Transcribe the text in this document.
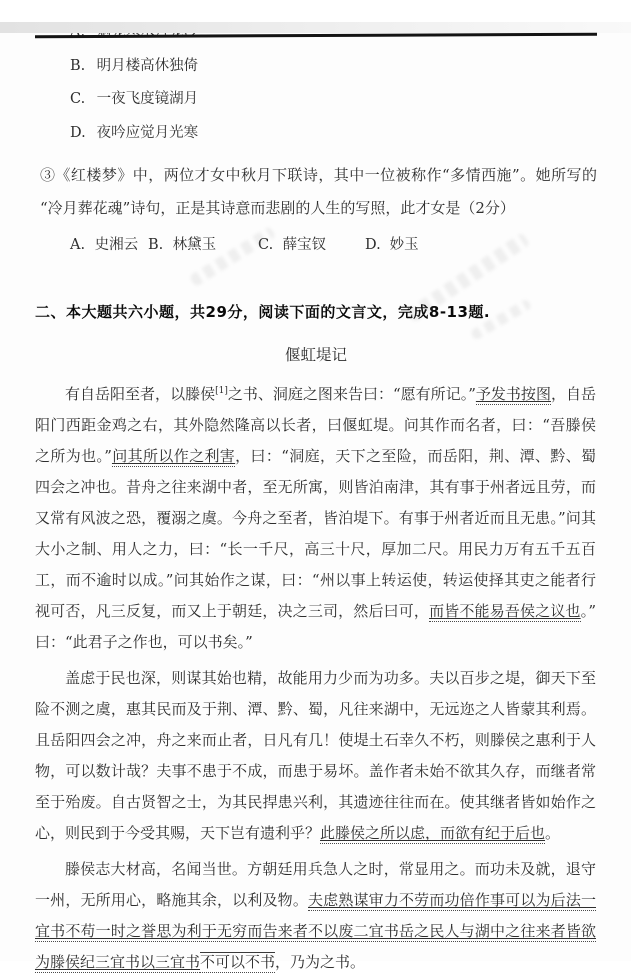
B. 明月楼高休独倚
C. 一夜飞度镜湖月
D. 夜吟应觉月光寒
③《红楼梦》中，两位才女中秋月下联诗，其中一位被称作“多情西施”。她所写的“冷月葬花魂”诗句，正是其诗意而悲剧的人生的写照，此才女是（2分）
A. 史湘云 B. 林黛玉	C. 薛宝钗	D. 妙玉
二、本大题共六小题，共29分，阅读下面的文言文，完成8-13题.
偃虹堤记

有自岳阳至者，以滕侯[1]之书、洞庭之图来告曰：“愿有所记。”予发书按图，自岳阳门西距金鸡之右，其外隐然隆高以长者，曰偃虹堤。问其作而名者，曰：“吾滕侯之所为也。”问其所以作之利害，曰：“洞庭，天下之至险，而岳阳，荆、潭、黔、蜀四会之冲也。昔舟之往来湖中者，至无所寓，则皆泊南津，其有事于州者远且劳，而又常有风波之恐，覆溺之虞。今舟之至者，皆泊堤下。有事于州者近而且无患。”问其大小之制、用人之力，曰：“长一千尺，高三十尺，厚加二尺。用民力万有五千五百工，而不逾时以成。”问其始作之谋，曰：“州以事上转运使，转运使择其吏之能者行视可否，凡三反复，而又上于朝廷，决之三司，然后曰可，而皆不能易吾侯之议也。”曰：“此君子之作也，可以书矣。”

盖虑于民也深，则谋其始也精，故能用力少而为功多。夫以百步之堤，御天下至险不测之虞，惠其民而及于荆、潭、黔、蜀，凡往来湖中，无远迩之人皆蒙其利焉。且岳阳四会之冲，舟之来而止者，日凡有几！使堤土石幸久不朽，则滕侯之惠利于人物，可以数计哉？夫事不患于不成，而患于易坏。盖作者未始不欲其久存，而继者常至于殆废。自古贤智之士，为其民捍患兴利，其遗迹往往而在。使其继者皆如始作之心，则民到于今受其赐，天下岂有遗利乎？此滕侯之所以虑，而欲有纪于后也。

滕侯志大材高，名闻当世。方朝廷用兵急人之时，常显用之。而功未及就，退守一州，无所用心，略施其余，以利及物。夫虑熟谋审力不劳而功倍作事可以为后法一宜书不苟一时之誉思为利于无穷而告来者不以废二宜书岳之民人与湖中之往来者皆欲为滕侯纪三宜书以三宜书不可以不书，乃为之书。
